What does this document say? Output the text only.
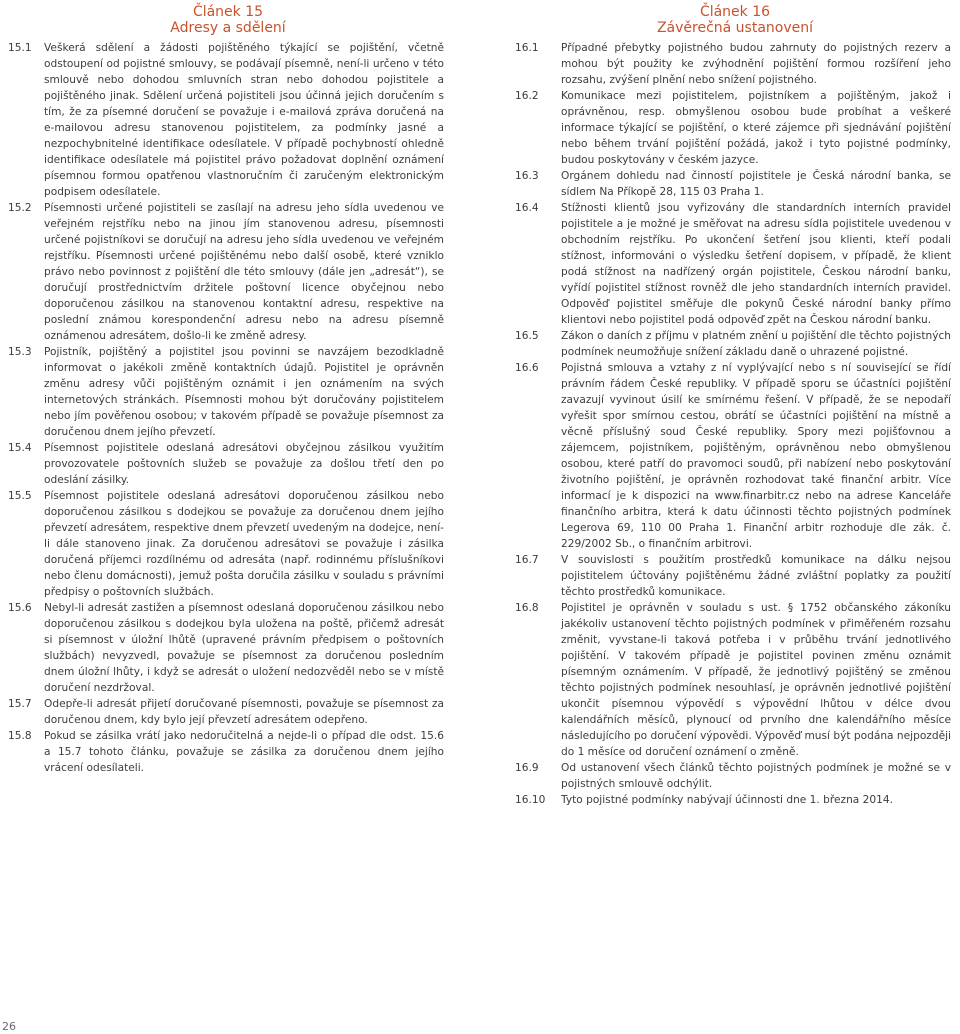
Článek 15
Adresy a sdělení
15.1	Veškerá sdělení a žádosti pojištěného týkající se pojištění, včetně odstoupení od pojistné smlouvy, se podávají písemně, není-li určeno v této smlouvě nebo dohodou smluvních stran nebo dohodou pojistitele a pojištěného jinak. Sdělení určená pojistiteli jsou účinná jejich doručením s tím, že za písemné doručení se považuje i e-mailová zpráva doručená na e-mailovou adresu stanovenou pojistitelem, za podmínky jasné a nezpochybnitelné identifikace odesílatele. V případě pochybností ohledně identifikace odesílatele má pojistitel právo požadovat doplnění oznámení písemnou formou opatřenou vlastnoručním či zaručeným elektronickým podpisem odesílatele.
15.2	Písemnosti určené pojistiteli se zasílají na adresu jeho sídla uvedenou ve veřejném rejstříku nebo na jinou jím stanovenou adresu, písemnosti určené pojistníkovi se doručují na adresu jeho sídla uvedenou ve veřejném rejstříku. Písemnosti určené pojištěnému nebo další osobě, které vzniklo právo nebo povinnost z pojištění dle této smlouvy (dále jen „adresát“), se doručují prostřednictvím držitele poštovní licence obyčejnou nebo doporučenou zásilkou na stanovenou kontaktní adresu, respektive na poslední známou korespondenční adresu nebo na adresu písemně oznámenou adresátem, došlo-li ke změně adresy.
15.3	Pojistník, pojištěný a pojistitel jsou povinni se navzájem bezodkladně informovat o jakékoli změně kontaktních údajů. Pojistitel je oprávněn změnu adresy vůči pojištěným oznámit i jen oznámením na svých internetových stránkách. Písemnosti mohou být doručovány pojistitelem nebo jím pověřenou osobou; v takovém případě se považuje písemnost za doručenou dnem jejího převzetí.
15.4	Písemnost pojistitele odeslaná adresátovi obyčejnou zásilkou využitím provozovatele poštovních služeb se považuje za došlou třetí den po odeslání zásilky.
15.5	Písemnost pojistitele odeslaná adresátovi doporučenou zásilkou nebo doporučenou zásilkou s dodejkou se považuje za doručenou dnem jejího převzetí adresátem, respektive dnem převzetí uvedeným na dodejce, není-li dále stanoveno jinak. Za doručenou adresátovi se považuje i zásilka doručená příjemci rozdílnému od adresáta (např. rodinnému příslušníkovi nebo členu domácnosti), jemuž pošta doručila zásilku v souladu s právními předpisy o poštovních službách.
15.6	Nebyl-li adresát zastižen a písemnost odeslaná doporučenou zásilkou nebo doporučenou zásilkou s dodejkou byla uložena na poště, přičemž adresát si písemnost v úložní lhůtě (upravené právním předpisem o poštovních službách) nevyzvedl, považuje se písemnost za doručenou posledním dnem úložní lhůty, i když se adresát o uložení nedozvěděl nebo se v místě doručení nezdržoval.
15.7	Odepře-li adresát přijetí doručované písemnosti, považuje se písemnost za doručenou dnem, kdy bylo její převzetí adresátem odepřeno.
15.8	Pokud se zásilka vrátí jako nedoručitelná a nejde-li o případ dle odst. 15.6 a 15.7 tohoto článku, považuje se zásilka za doručenou dnem jejího vrácení odesílateli.
Článek 16
Závěrečná ustanovení
16.1	Případné přebytky pojistného budou zahrnuty do pojistných rezerv a mohou být použity ke zvýhodnění pojištění formou rozšíření jeho rozsahu, zvýšení plnění nebo snížení pojistného.
16.2	Komunikace mezi pojistitelem, pojistníkem a pojištěným, jakož i oprávněnou, resp. obmyšlenou osobou bude probíhat a veškeré informace týkající se pojištění, o které zájemce při sjednávání pojištění nebo během trvání pojištění požádá, jakož i tyto pojistné podmínky, budou poskytovány v českém jazyce.
16.3	Orgánem dohledu nad činností pojistitele je Česká národní banka, se sídlem Na Příkopě 28, 115 03 Praha 1.
16.4	Stížnosti klientů jsou vyřizovány dle standardních interních pravidel pojistitele a je možné je směřovat na adresu sídla pojistitele uvedenou v obchodním rejstříku. Po ukončení šetření jsou klienti, kteří podali stížnost, informováni o výsledku šetření dopisem, v případě, že klient podá stížnost na nadřízený orgán pojistitele, Českou národní banku, vyřídí pojistitel stížnost rovněž dle jeho standardních interních pravidel. Odpověď pojistitel směřuje dle pokynů České národní banky přímo klientovi nebo pojistitel podá odpověď zpět na Českou národní banku.
16.5	Zákon o daních z příjmu v platném znění u pojištění dle těchto pojistných podmínek neumožňuje snížení základu daně o uhrazené pojistné.
16.6	Pojistná smlouva a vztahy z ní vyplývající nebo s ní související se řídí právním řádem České republiky. V případě sporu se účastníci pojištění zavazují vyvinout úsilí ke smírnému řešení. V případě, že se nepodaří vyřešit spor smírnou cestou, obrátí se účastníci pojištění na místně a věcně příslušný soud České republiky. Spory mezi pojišťovnou a zájemcem, pojistníkem, pojištěným, oprávněnou nebo obmyšlenou osobou, které patří do pravomoci soudů, při nabízení nebo poskytování životního pojištění, je oprávněn rozhodovat také finanční arbitr. Více informací je k dispozici na www.finarbitr.cz nebo na adrese Kanceláře finančního arbitra, která k datu účinnosti těchto pojistných podmínek Legerova 69, 110 00 Praha 1. Finanční arbitr rozhoduje dle zák. č. 229/2002 Sb., o finančním arbitrovi.
16.7	V souvislosti s použitím prostředků komunikace na dálku nejsou pojistitelem účtovány pojištěnému žádné zvláštní poplatky za použití těchto prostředků komunikace.
16.8	Pojistitel je oprávněn v souladu s ust. § 1752 občanského zákoníku jakékoliv ustanovení těchto pojistných podmínek v přiměřeném rozsahu změnit, vyvstane-li taková potřeba i v průběhu trvání jednotlivého pojištění. V takovém případě je pojistitel povinen změnu oznámit písemným oznámením. V případě, že jednotlivý pojištěný se změnou těchto pojistných podmínek nesouhlasí, je oprávněn jednotlivé pojištění ukončit písemnou výpovědí s výpovědní lhůtou v délce dvou kalendářních měsíců, plynoucí od prvního dne kalendářního měsíce následujícího po doručení výpovědi. Výpověď musí být podána nejpozději do 1 měsíce od doručení oznámení o změně.
16.9	Od ustanovení všech článků těchto pojistných podmínek je možné se v pojistných smlouvě odchýlit.
16.10	Tyto pojistné podmínky nabývají účinnosti dne 1. března 2014.
26
